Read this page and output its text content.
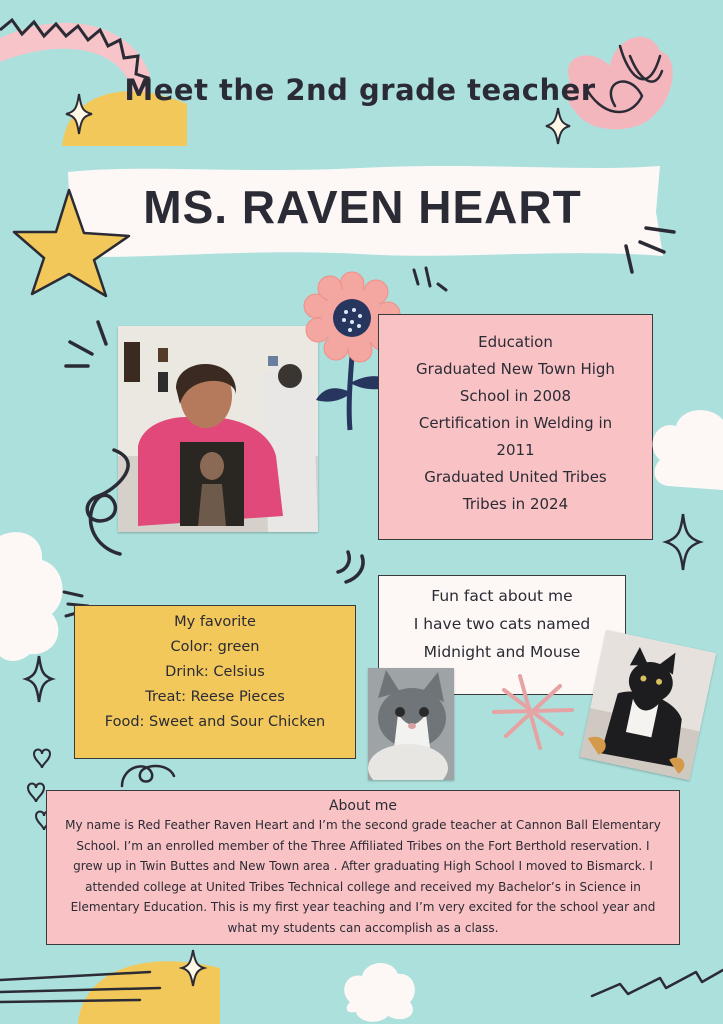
Meet the 2nd grade teacher
MS. RAVEN HEART
Education
Graduated New Town High School in 2008
Certification in Welding in 2011
Graduated United Tribes Tribes in 2024
Fun fact about me
I have two cats named Midnight and Mouse
My favorite
Color: green
Drink: Celsius
Treat: Reese Pieces
Food: Sweet and Sour Chicken
About me
My name is Red Feather Raven Heart and I’m the second grade teacher at Cannon Ball Elementary School. I’m an enrolled member of the Three Affiliated Tribes on the Fort Berthold reservation. I grew up in Twin Buttes and New Town area . After graduating High School I moved to Bismarck. I attended college at United Tribes Technical college and received my Bachelor’s in Science in Elementary Education. This is my first year teaching and I’m very excited for the school year and what my students can accomplish as a class.
